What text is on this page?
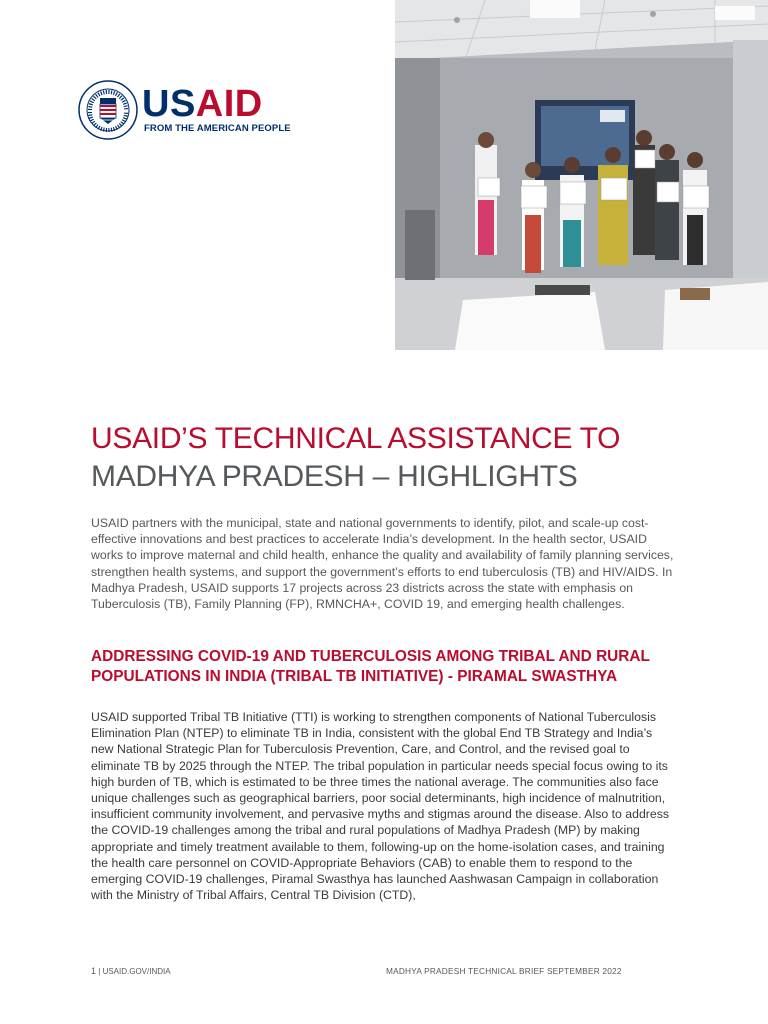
USAID
FROM THE AMERICAN PEOPLE
USAID’S TECHNICAL ASSISTANCE TO
MADHYA PRADESH – HIGHLIGHTS
USAID partners with the municipal, state and national governments to identify, pilot, and scale-up cost-effective innovations and best practices to accelerate India’s development. In the health sector, USAID works to improve maternal and child health, enhance the quality and availability of family planning services, strengthen health systems, and support the government’s efforts to end tuberculosis (TB) and HIV/AIDS. In Madhya Pradesh, USAID supports 17 projects across 23 districts across the state with emphasis on Tuberculosis (TB), Family Planning (FP), RMNCHA+, COVID 19, and emerging health challenges.
ADDRESSING COVID-19 AND TUBERCULOSIS AMONG TRIBAL AND RURAL POPULATIONS IN INDIA (TRIBAL TB INITIATIVE) - PIRAMAL SWASTHYA
USAID supported Tribal TB Initiative (TTI) is working to strengthen components of National Tuberculosis Elimination Plan (NTEP) to eliminate TB in India, consistent with the global End TB Strategy and India’s new National Strategic Plan for Tuberculosis Prevention, Care, and Control, and the revised goal to eliminate TB by 2025 through the NTEP. The tribal population in particular needs special focus owing to its high burden of TB, which is estimated to be three times the national average. The communities also face unique challenges such as geographical barriers, poor social determinants, high incidence of malnutrition, insufficient community involvement, and pervasive myths and stigmas around the disease. Also to address the COVID-19 challenges among the tribal and rural populations of Madhya Pradesh (MP) by making appropriate and timely treatment available to them, following-up on the home-isolation cases, and training the health care personnel on COVID-Appropriate Behaviors (CAB) to enable them to respond to the emerging COVID-19 challenges, Piramal Swasthya has launched Aashwasan Campaign in collaboration with the Ministry of Tribal Affairs, Central TB Division (CTD),
1 | USAID.GOV/INDIA	MADHYA PRADESH TECHNICAL BRIEF SEPTEMBER 2022
